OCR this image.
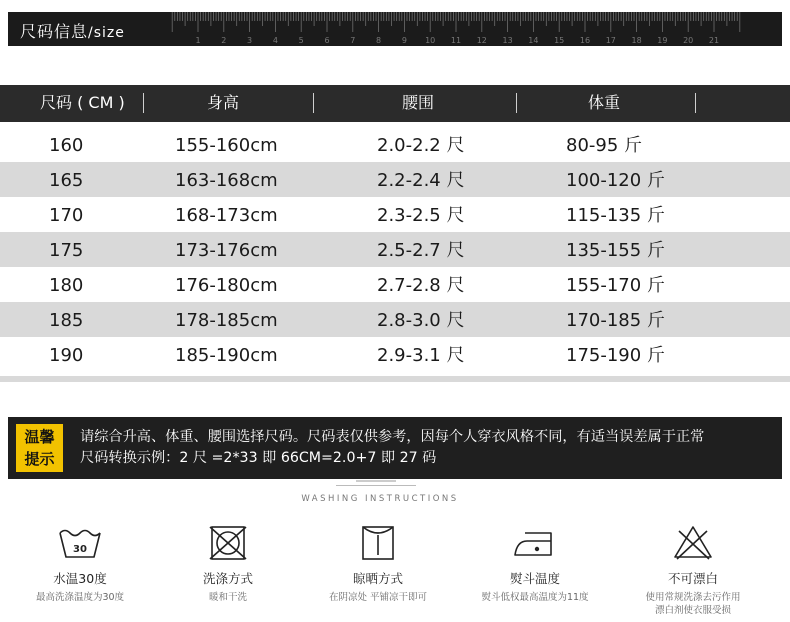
尺码信息/size	1	2	3	4	5	6	7	8	9 10 11 12 13 14 15 16 17 18 19 20 21
尺码 ( CM )	身高	腰围	体重
160	155-160cm	2.0-2.2 尺	80-95 斤
165	163-168cm	2.2-2.4 尺	100-120 斤
170	168-173cm	2.3-2.5 尺	115-135 斤
175	173-176cm	2.5-2.7 尺	135-155 斤
180	176-180cm	2.7-2.8 尺	155-170 斤
185	178-185cm	2.8-3.0 尺	170-185 斤
190	185-190cm	2.9-3.1 尺	175-190 斤
温馨
提示
请综合升高、体重、腰围选择尺码。尺码表仅供参考，因每个人穿衣风格不同，有适当误差属于正常
尺码转换示例：2 尺 =2*33 即 66CM=2.0+7 即 27 码
WASHING INSTRUCTIONS
30
水温30度
最高洗涤温度为30度
洗涤方式
暖和干洗
晾晒方式
在阴凉处 平铺凉干即可
熨斗温度
熨斗低权最高温度为11度
不可漂白
使用常规洗涤去污作用
漂白剂使衣服受损
